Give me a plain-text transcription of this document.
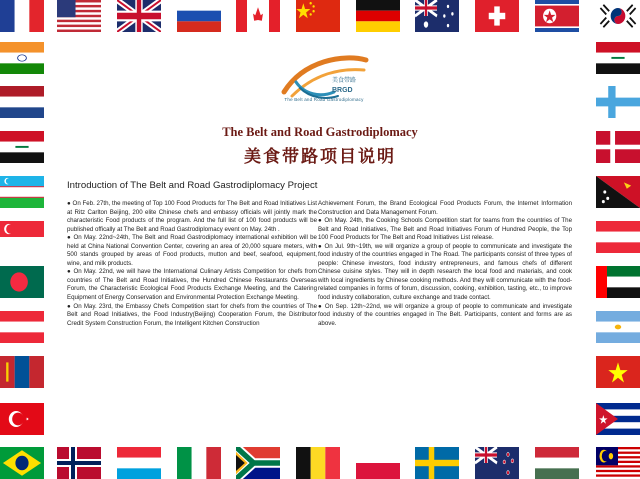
美食带路
BRGD
The Belt and Road Gastrodiplomacy
The Belt and Road Gastrodiplomacy
美食带路项目说明
Introduction of The Belt and Road Gastrodiplomacy Project

● On Feb. 27th, the meeting of Top 100 Food Products for The Belt and Road Initiatives List at Ritz Carlton Beijing, 200 elite Chinese chefs and embassy officials will jointly mark the characteristic Food products of the program. And the full list of 100 food products will be published offically at The Belt and Road Gastrodiplomacy event on May. 24th .

● On May. 22nd~24th, The Belt and Road Gastrodiplomacy international exhibition will be held at China National Convention Center, covering an area of 20,000 square meters, with 500 stands grouped by areas of Food products, mutton and beef, seafood, equipment, wine, and milk products.

● On May. 22nd, we will have the International Culinary Artists Competition for chefs from countries of The Belt and Road Initiatives, the Hundred Chinese Restaurants Overseas Forum, the Characteristic Ecological Food Products Exchange Meeting, and the Catering Equipment of Energy Conservation and Environmental Protection Exchange Meeting.

● On May. 23rd, the Embassy Chefs Competition start for chefs from the countries of The Belt and Road Initiatives, the Food Industry(Beijing) Cooperation Forum, the Distributor Credit System Construction Forum, the Intelligent Kitchen Construction

Achievement Forum, the Brand Ecological Food Products Forum, the Internet Information Construction and Data Management Forum.

● On May. 24th, the Cooking Schools Competition start for teams from the countries of The Belt and Road Initiatives, The Belt and Road Initiatives Forum of Hundred People, the Top 100 Food Products for The Belt and Road Initiatives List release.

● On Jul. 9th~19th, we will organize a group of people to communicate and investigate the food industry of the countries engaged in The Road. The participants consist of three types of people: Chinese investors, food industry entrepreneurs, and famous chefs of different Chinese cuisine styles. They will in depth research the local food and materials, and cook with local ingredients by Chinese cooking methods. And they will communicate with the food-related companies in forms of forum, discussion, cooking, exhibition, tasting, etc., to improve food industry collaboration, culture exchange and trade contact.

● On Sep. 12th~22nd, we will organize a group of people to communicate and investigate food industry of the countries engaged in The Belt. Participants, content and forms are as above.
